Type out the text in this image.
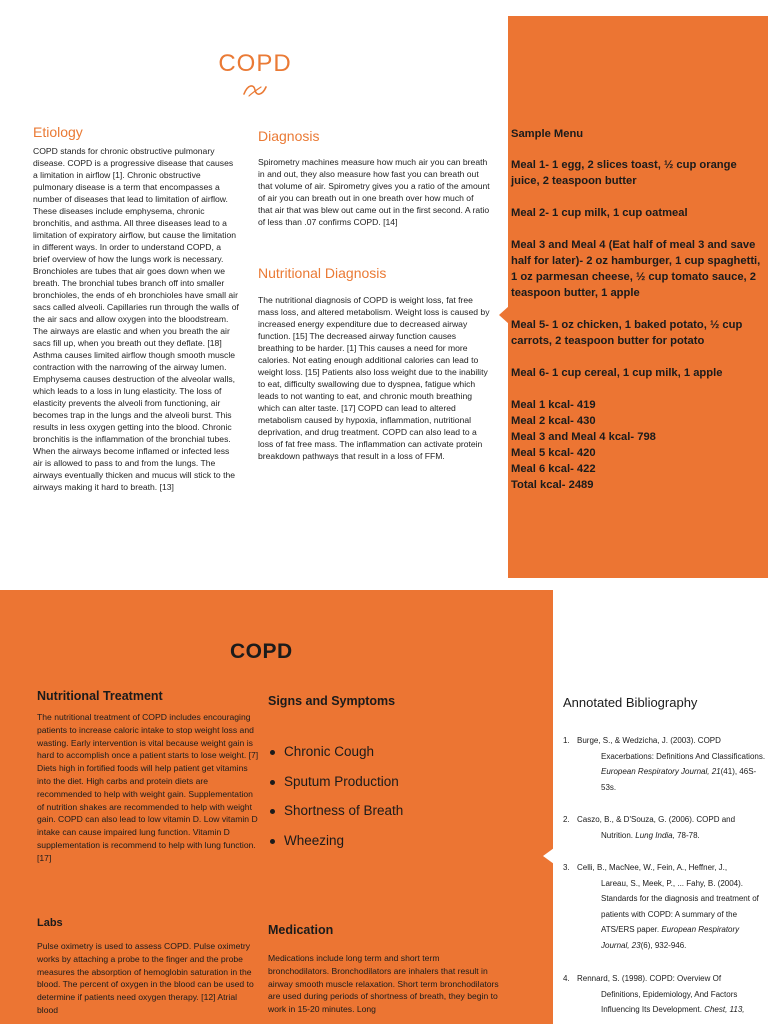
COPD
Etiology
COPD stands for chronic obstructive pulmonary disease. COPD is a progressive disease that causes a limitation in airflow [1]. Chronic obstructive pulmonary disease is a term that encompasses a number of diseases that lead to limitation of airflow. These diseases include emphysema, chronic bronchitis, and asthma. All three diseases lead to a limitation of expiratory airflow, but cause the limitation in different ways. In order to understand COPD, a brief overview of how the lungs work is necessary. Bronchioles are tubes that air goes down when we breath. The bronchial tubes branch off into smaller bronchioles, the ends of eh bronchioles have small air sacs called alveoli. Capillaries run through the walls of the air sacs and allow oxygen into the bloodstream. The airways are elastic and when you breath the air sacs fill up, when you breath out they deflate. [18] Asthma causes limited airflow though smooth muscle contraction with the narrowing of the airway lumen. Emphysema causes destruction of the alveolar walls, which leads to a loss in lung elasticity. The loss of elasticity prevents the alveoli from functioning, air becomes trap in the lungs and the alveoli burst. This results in less oxygen getting into the blood. Chronic bronchitis is the inflammation of the bronchial tubes. When the airways become inflamed or infected less air is allowed to pass to and from the lungs. The airways eventually thicken and mucus will stick to the airways making it hard to breath. [13]
Diagnosis
Spirometry machines measure how much air you can breath in and out, they also measure how fast you can breath out that volume of air. Spirometry gives you a ratio of the amount of air you can breath out in one breath over how much of that air that was blew out came out in the first second. A ratio of less than .07 confirms COPD. [14]
Nutritional Diagnosis
The nutritional diagnosis of COPD is weight loss, fat free mass loss, and altered metabolism. Weight loss is caused by increased energy expenditure due to decreased airway function. [15] The decreased airway function causes breathing to be harder. [1] This causes a need for more calories. Not eating enough additional calories can lead to weight loss. [15] Patients also loss weight due to the inability to eat, difficulty swallowing due to dyspnea, fatigue which leads to not wanting to eat, and chronic mouth breathing which can alter taste. [17] COPD can lead to altered metabolism caused by hypoxia, inflammation, nutritional deprivation, and drug treatment. COPD can also lead to a loss of fat free mass. The inflammation can activate protein breakdown pathways that result in a loss of FFM.
Sample Menu
Meal 1- 1 egg, 2 slices toast, ½ cup orange juice, 2 teaspoon butter
Meal 2- 1 cup milk, 1 cup oatmeal
Meal 3 and Meal 4 (Eat half of meal 3 and save half for later)- 2 oz hamburger, 1 cup spaghetti, 1 oz parmesan cheese, ½ cup tomato sauce, 2 teaspoon butter, 1 apple
Meal 5- 1 oz chicken, 1 baked potato, ½ cup carrots, 2 teaspoon butter for potato
Meal 6- 1 cup cereal, 1 cup milk, 1 apple
Meal 1 kcal- 419
Meal 2 kcal- 430
Meal 3 and Meal 4 kcal- 798
Meal 5 kcal- 420
Meal 6 kcal- 422
Total kcal- 2489
COPD
Nutritional Treatment
The nutritional treatment of COPD includes encouraging patients to increase caloric intake to stop weight loss and wasting. Early intervention is vital because weight gain is hard to accomplish once a patient starts to lose weight. [7] Diets high in fortified foods will help patient get vitamins into the diet. High carbs and protein diets are recommended to help with weight gain. Supplementation of nutrition shakes are recommended to help with weight gain. COPD can also lead to low vitamin D. Low vitamin D intake can cause impaired lung function. Vitamin D supplementation is recommend to help with lung function. [17]
Labs
Pulse oximetry is used to assess COPD. Pulse oximetry works by attaching a probe to the finger and the probe measures the absorption of hemoglobin saturation in the blood. The percent of oxygen in the blood can be used to determine if patients need oxygen therapy. [12] Atrial blood
Signs and Symptoms
Chronic Cough
Sputum Production
Shortness of Breath
Wheezing
Medication
Medications include long term and short term bronchodilators. Bronchodilators are inhalers that result in airway smooth muscle relaxation. Short term bronchodilators are used during periods of shortness of breath, they begin to work in 15-20 minutes. Long
Annotated Bibliography
1. Burge, S., & Wedzicha, J. (2003). COPD
Exacerbations: Definitions And Classifications. European Respiratory Journal, 21(41), 46S-53s.
2. Caszo, B., & D'Souza, G. (2006). COPD and
Nutrition. Lung India, 78-78.
3. Celli, B., MacNee, W., Fein, A., Heffner, J.,
Lareau, S., Meek, P., ... Fahy, B. (2004). Standards for the diagnosis and treatment of patients with COPD: A summary of the ATS/ERS paper. European Respiratory Journal, 23(6), 932-946.
4. Rennard, S. (1998). COPD: Overview Of
Definitions, Epidemiology, And Factors Influencing Its Development. Chest, 113,
